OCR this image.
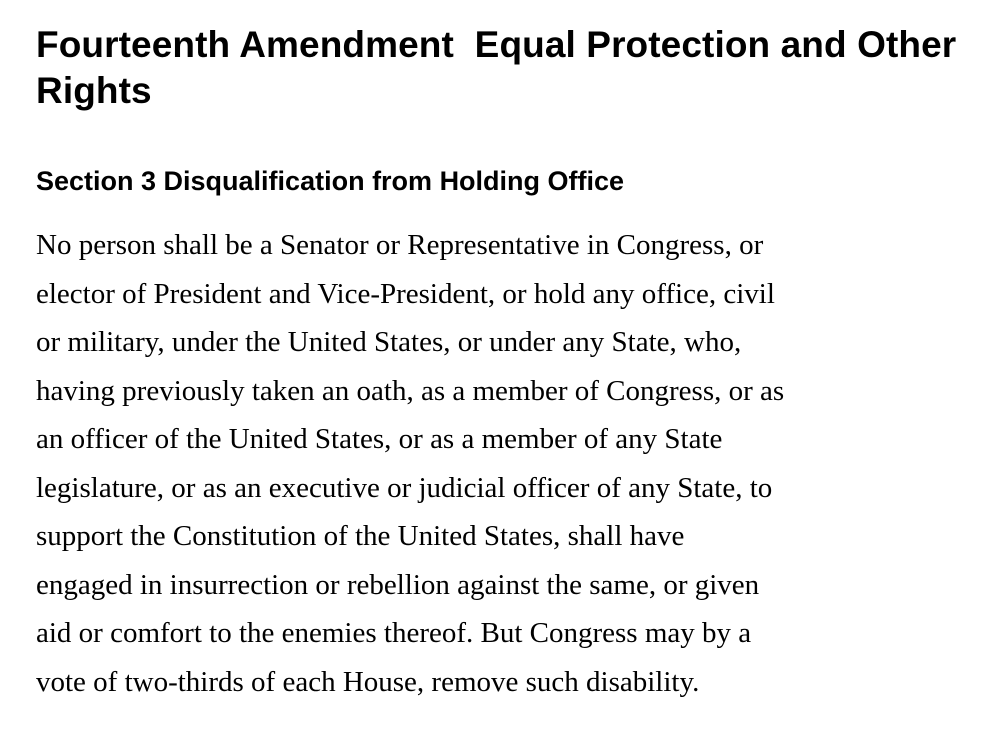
Fourteenth Amendment  Equal Protection and Other Rights
Section 3 Disqualification from Holding Office

No person shall be a Senator or Representative in Congress, or
elector of President and Vice-President, or hold any office, civil
or military, under the United States, or under any State, who,
having previously taken an oath, as a member of Congress, or as
an officer of the United States, or as a member of any State
legislature, or as an executive or judicial officer of any State, to
support the Constitution of the United States, shall have
engaged in insurrection or rebellion against the same, or given
aid or comfort to the enemies thereof. But Congress may by a
vote of two-thirds of each House, remove such disability.
